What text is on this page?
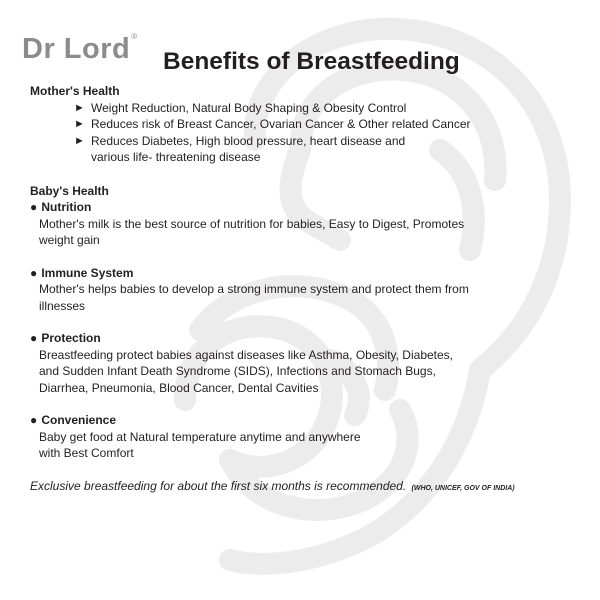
Dr Lord®
Benefits of Breastfeeding

Mother's Health

► Weight Reduction, Natural Body Shaping & Obesity Control
► Reduces risk of Breast Cancer, Ovarian Cancer & Other related Cancer
► Reduces Diabetes, High blood pressure, heart disease and various life- threatening disease

Baby's Health

● Nutrition
Mother's milk is the best source of nutrition for babies, Easy to Digest, Promotes weight gain
● Immune System
Mother's helps babies to develop a strong immune system and protect them from illnesses
● Protection
Breastfeeding protect babies against diseases like Asthma, Obesity, Diabetes, and Sudden Infant Death Syndrome (SIDS), Infections and Stomach Bugs, Diarrhea, Pneumonia, Blood Cancer, Dental Cavities
● Convenience
Baby get food at Natural temperature anytime and anywhere with Best Comfort

Exclusive breastfeeding for about the first six months is recommended. (WHO, UNICEF, GOV OF INDIA)
